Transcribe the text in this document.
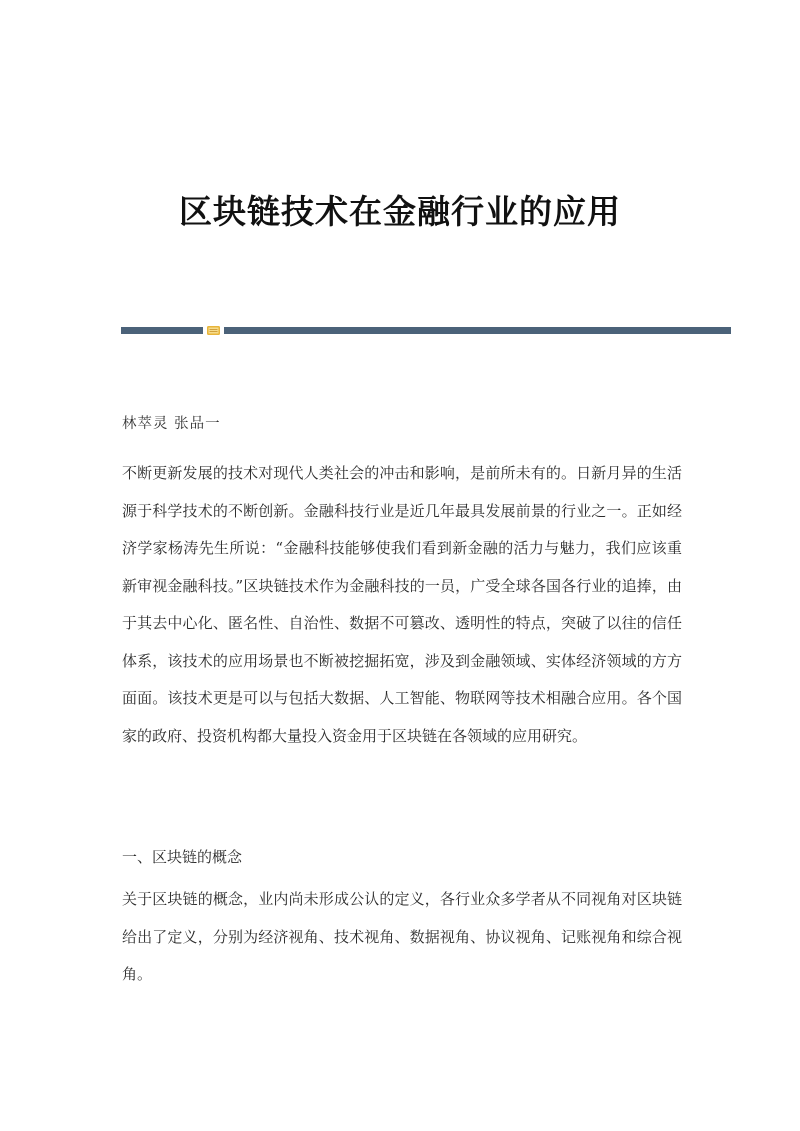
区块链技术在金融行业的应用
林萃灵 张品一

不断更新发展的技术对现代人类社会的冲击和影响，是前所未有的。日新月异的生活源于科学技术的不断创新。金融科技行业是近几年最具发展前景的行业之一。正如经济学家杨涛先生所说：“金融科技能够使我们看到新金融的活力与魅力，我们应该重新审视金融科技。”区块链技术作为金融科技的一员，广受全球各国各行业的追捧，由于其去中心化、匿名性、自治性、数据不可篡改、透明性的特点，突破了以往的信任体系，该技术的应用场景也不断被挖掘拓宽，涉及到金融领域、实体经济领域的方方面面。该技术更是可以与包括大数据、人工智能、物联网等技术相融合应用。各个国家的政府、投资机构都大量投入资金用于区块链在各领域的应用研究。

一、区块链的概念

关于区块链的概念，业内尚未形成公认的定义，各行业众多学者从不同视角对区块链给出了定义，分别为经济视角、技术视角、数据视角、协议视角、记账视角和综合视角。
